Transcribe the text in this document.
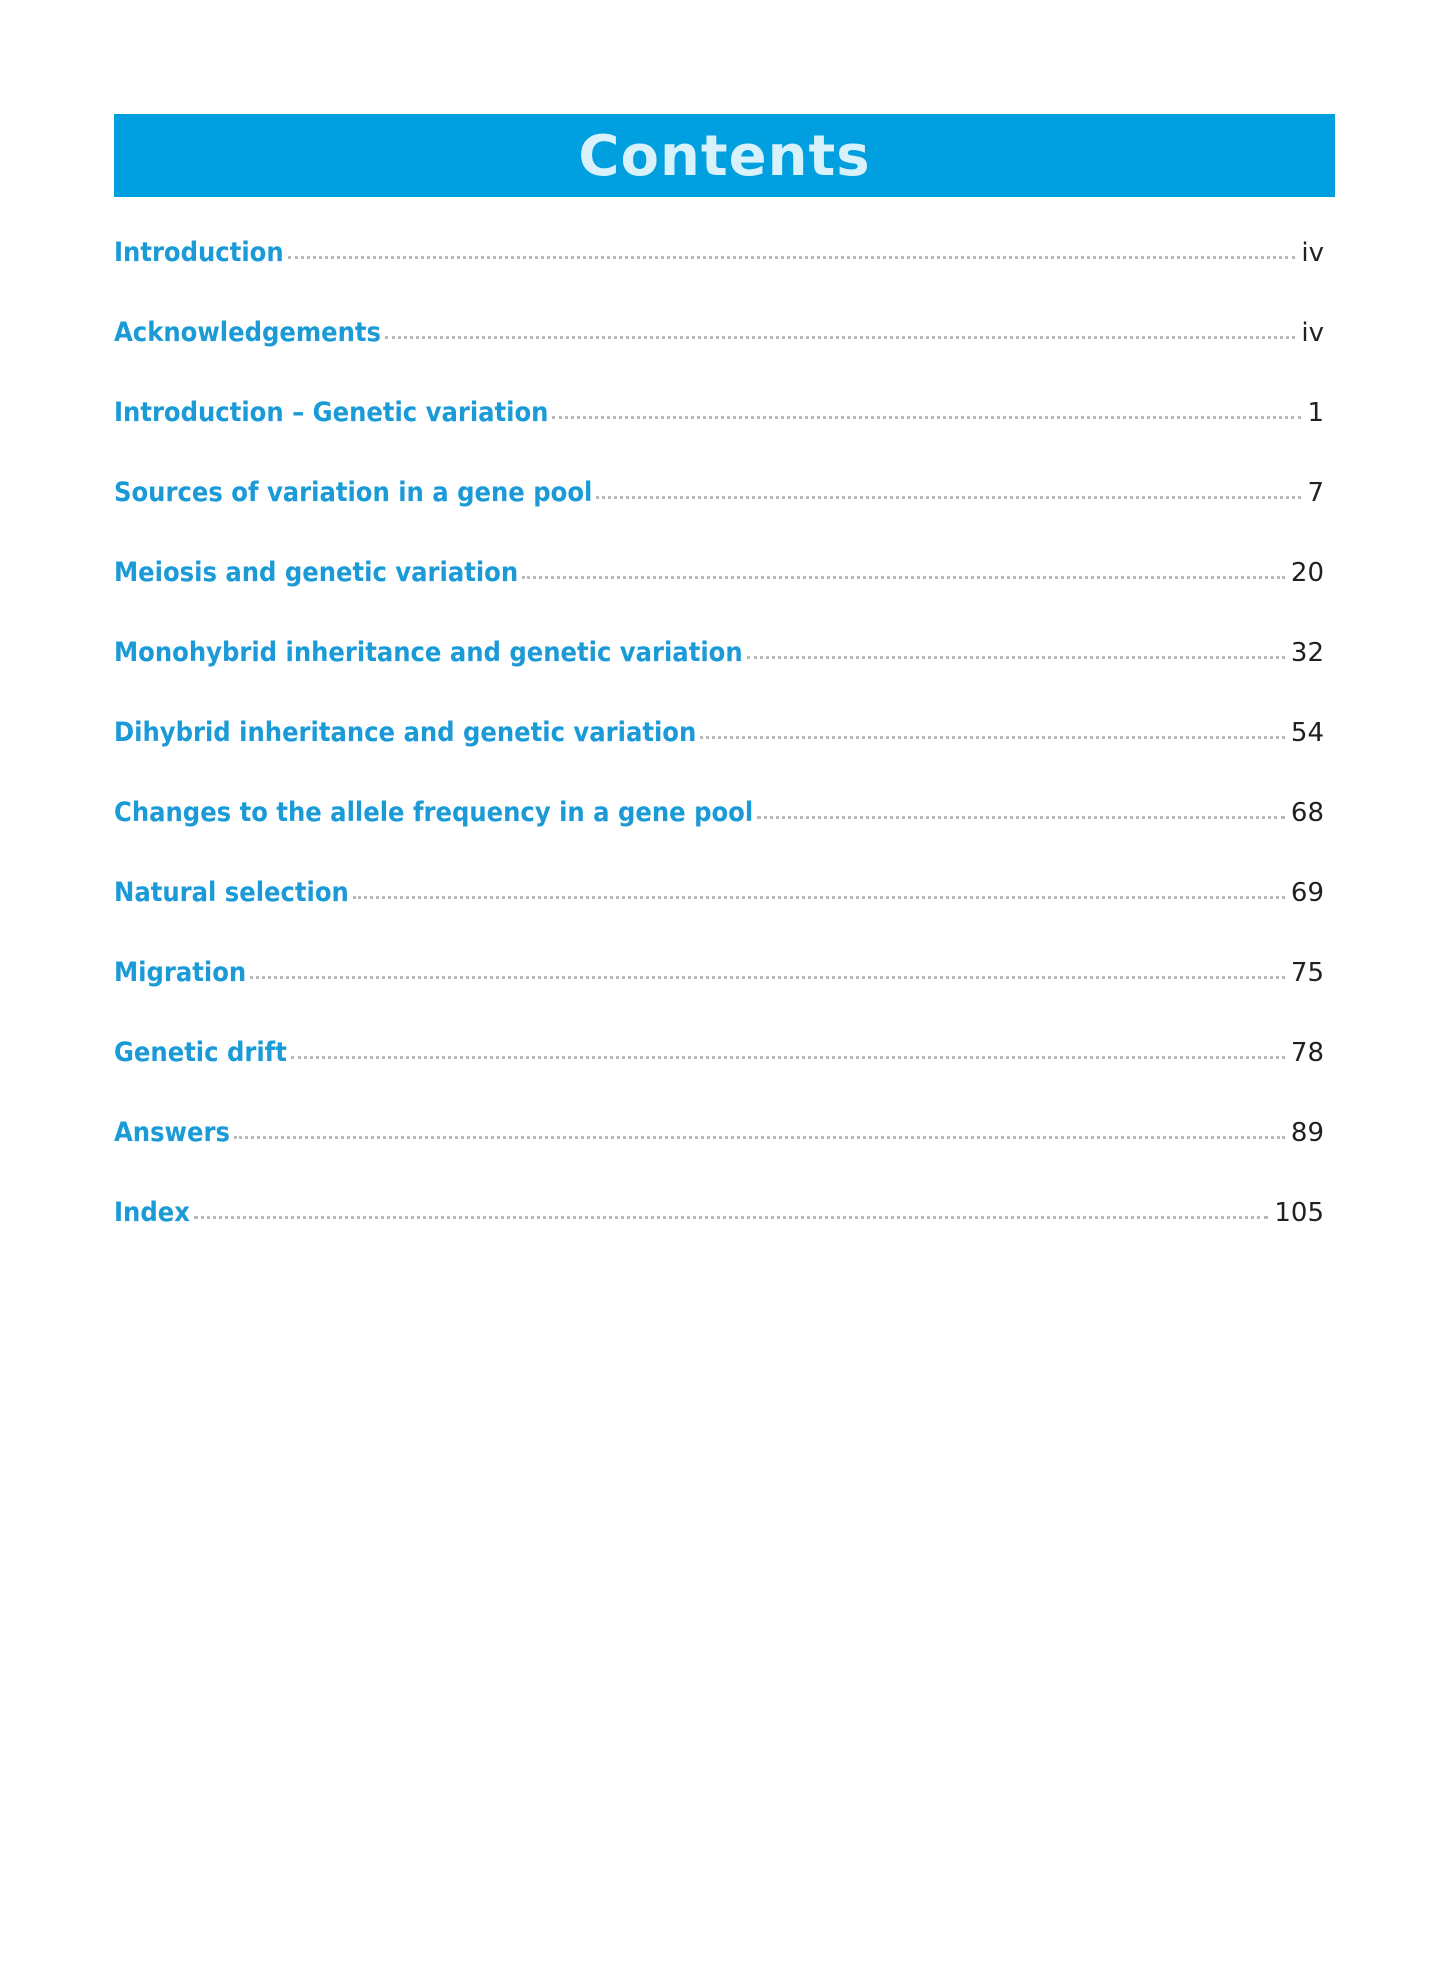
Contents
Introduction	iv
Acknowledgements	iv
Introduction – Genetic variation	1
Sources of variation in a gene pool	7
Meiosis and genetic variation	20
Monohybrid inheritance and genetic variation	32
Dihybrid inheritance and genetic variation	54
Changes to the allele frequency in a gene pool	68
Natural selection	69
Migration	75
Genetic drift	78
Answers	89
Index	105
